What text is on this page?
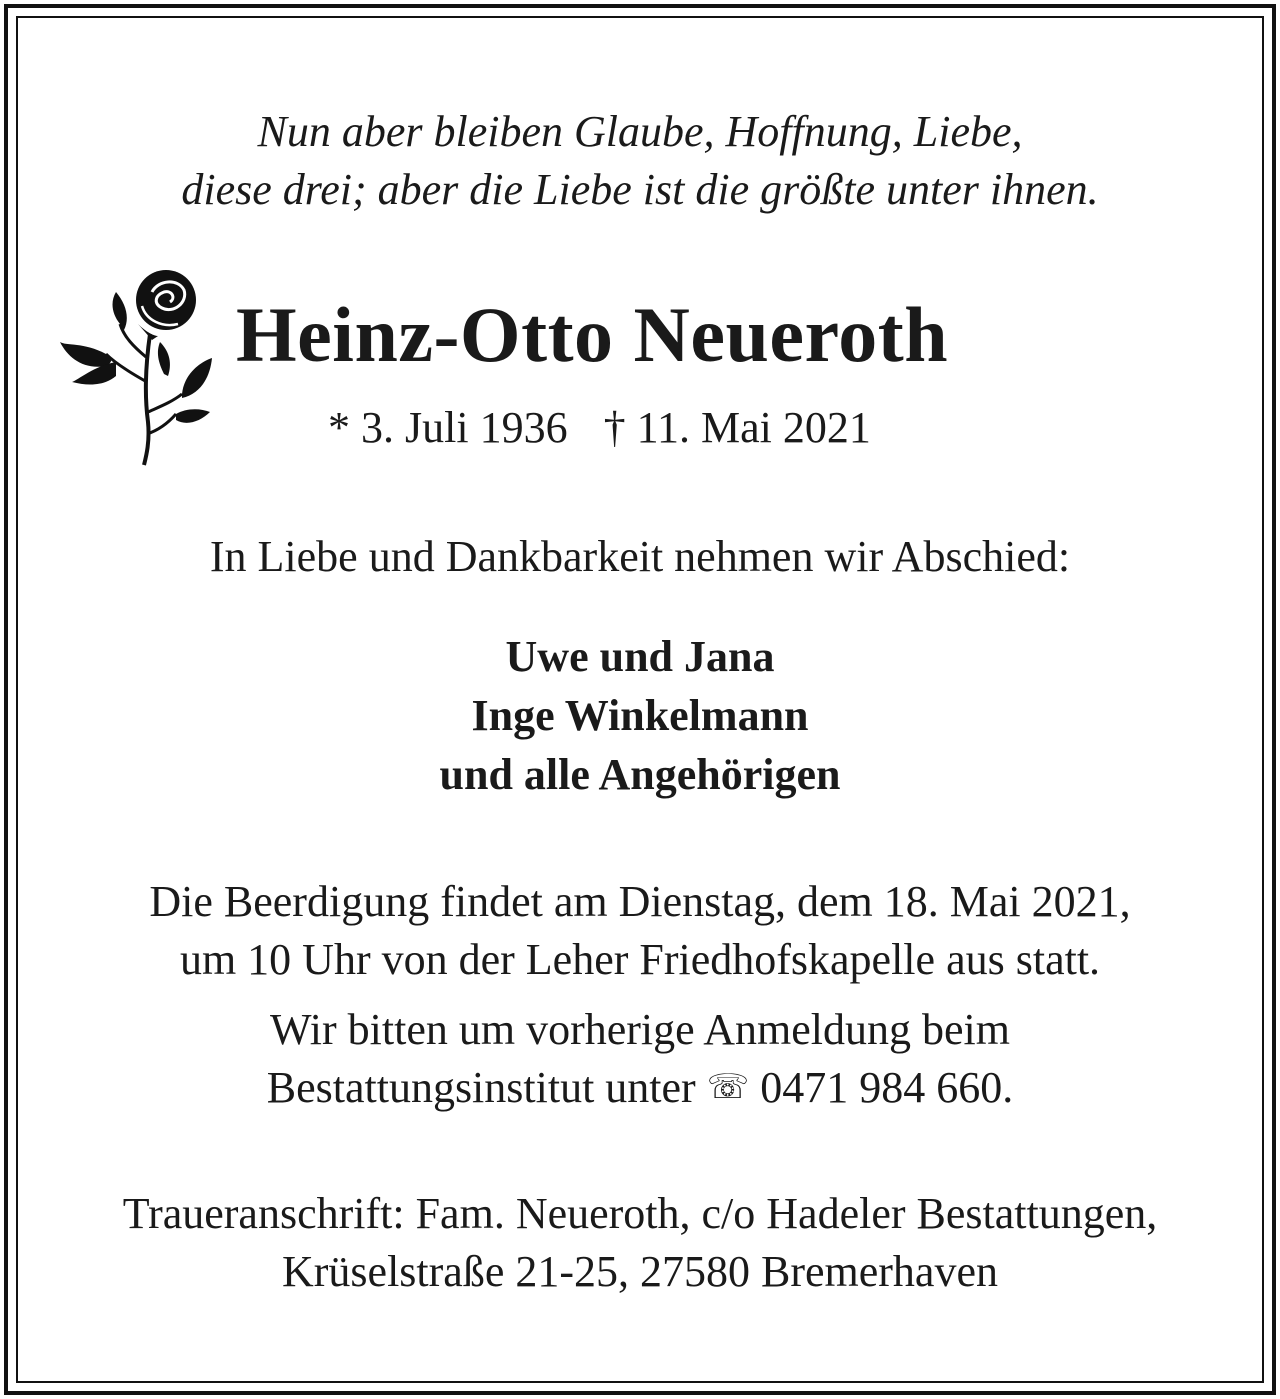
Nun aber bleiben Glaube, Hoffnung, Liebe,
diese drei; aber die Liebe ist die größte unter ihnen.
Heinz-Otto Neueroth
* 3. Juli 1936 † 11. Mai 2021
In Liebe und Dankbarkeit nehmen wir Abschied:
Uwe und Jana
Inge Winkelmann
und alle Angehörigen
Die Beerdigung findet am Dienstag, dem 18. Mai 2021,
um 10 Uhr von der Leher Friedhofskapelle aus statt.
Wir bitten um vorherige Anmeldung beim
Bestattungsinstitut unter ☏ 0471 984 660.
Traueranschrift: Fam. Neueroth, c/o Hadeler Bestattungen,
Krüselstraße 21-25, 27580 Bremerhaven
